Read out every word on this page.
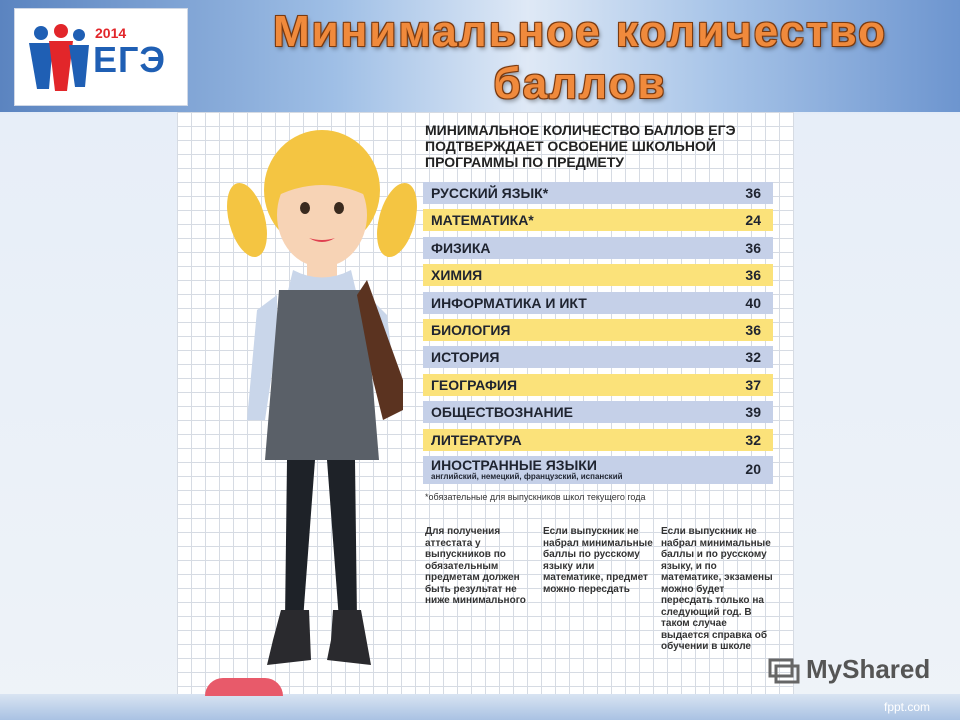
2014
ЕГЭ
Минимальное количество баллов
МИНИМАЛЬНОЕ КОЛИЧЕСТВО БАЛЛОВ ЕГЭ ПОДТВЕРЖДАЕТ ОСВОЕНИЕ ШКОЛЬНОЙ ПРОГРАММЫ ПО ПРЕДМЕТУ
РУССКИЙ ЯЗЫК*	36
МАТЕМАТИКА*	24
ФИЗИКА	36
ХИМИЯ	36
ИНФОРМАТИКА И ИКТ	40
БИОЛОГИЯ	36
ИСТОРИЯ	32
ГЕОГРАФИЯ	37
ОБЩЕСТВОЗНАНИЕ	39
ЛИТЕРАТУРА	32
ИНОСТРАННЫЕ ЯЗЫКИ
английский, немецкий, французский, испанский	20
*обязательные для выпускников школ текущего года
Для получения аттестата у выпускников по обязательным предметам должен быть результат не ниже минимального
Если выпускник не набрал минимальные баллы по русскому языку или математике, предмет можно пересдать
Если выпускник не набрал минимальные баллы и по русскому языку, и по математике, экзамены можно будет пересдать только на следующий год. В таком случае выдается справка об обучении в школе
MyShared
fppt.com
